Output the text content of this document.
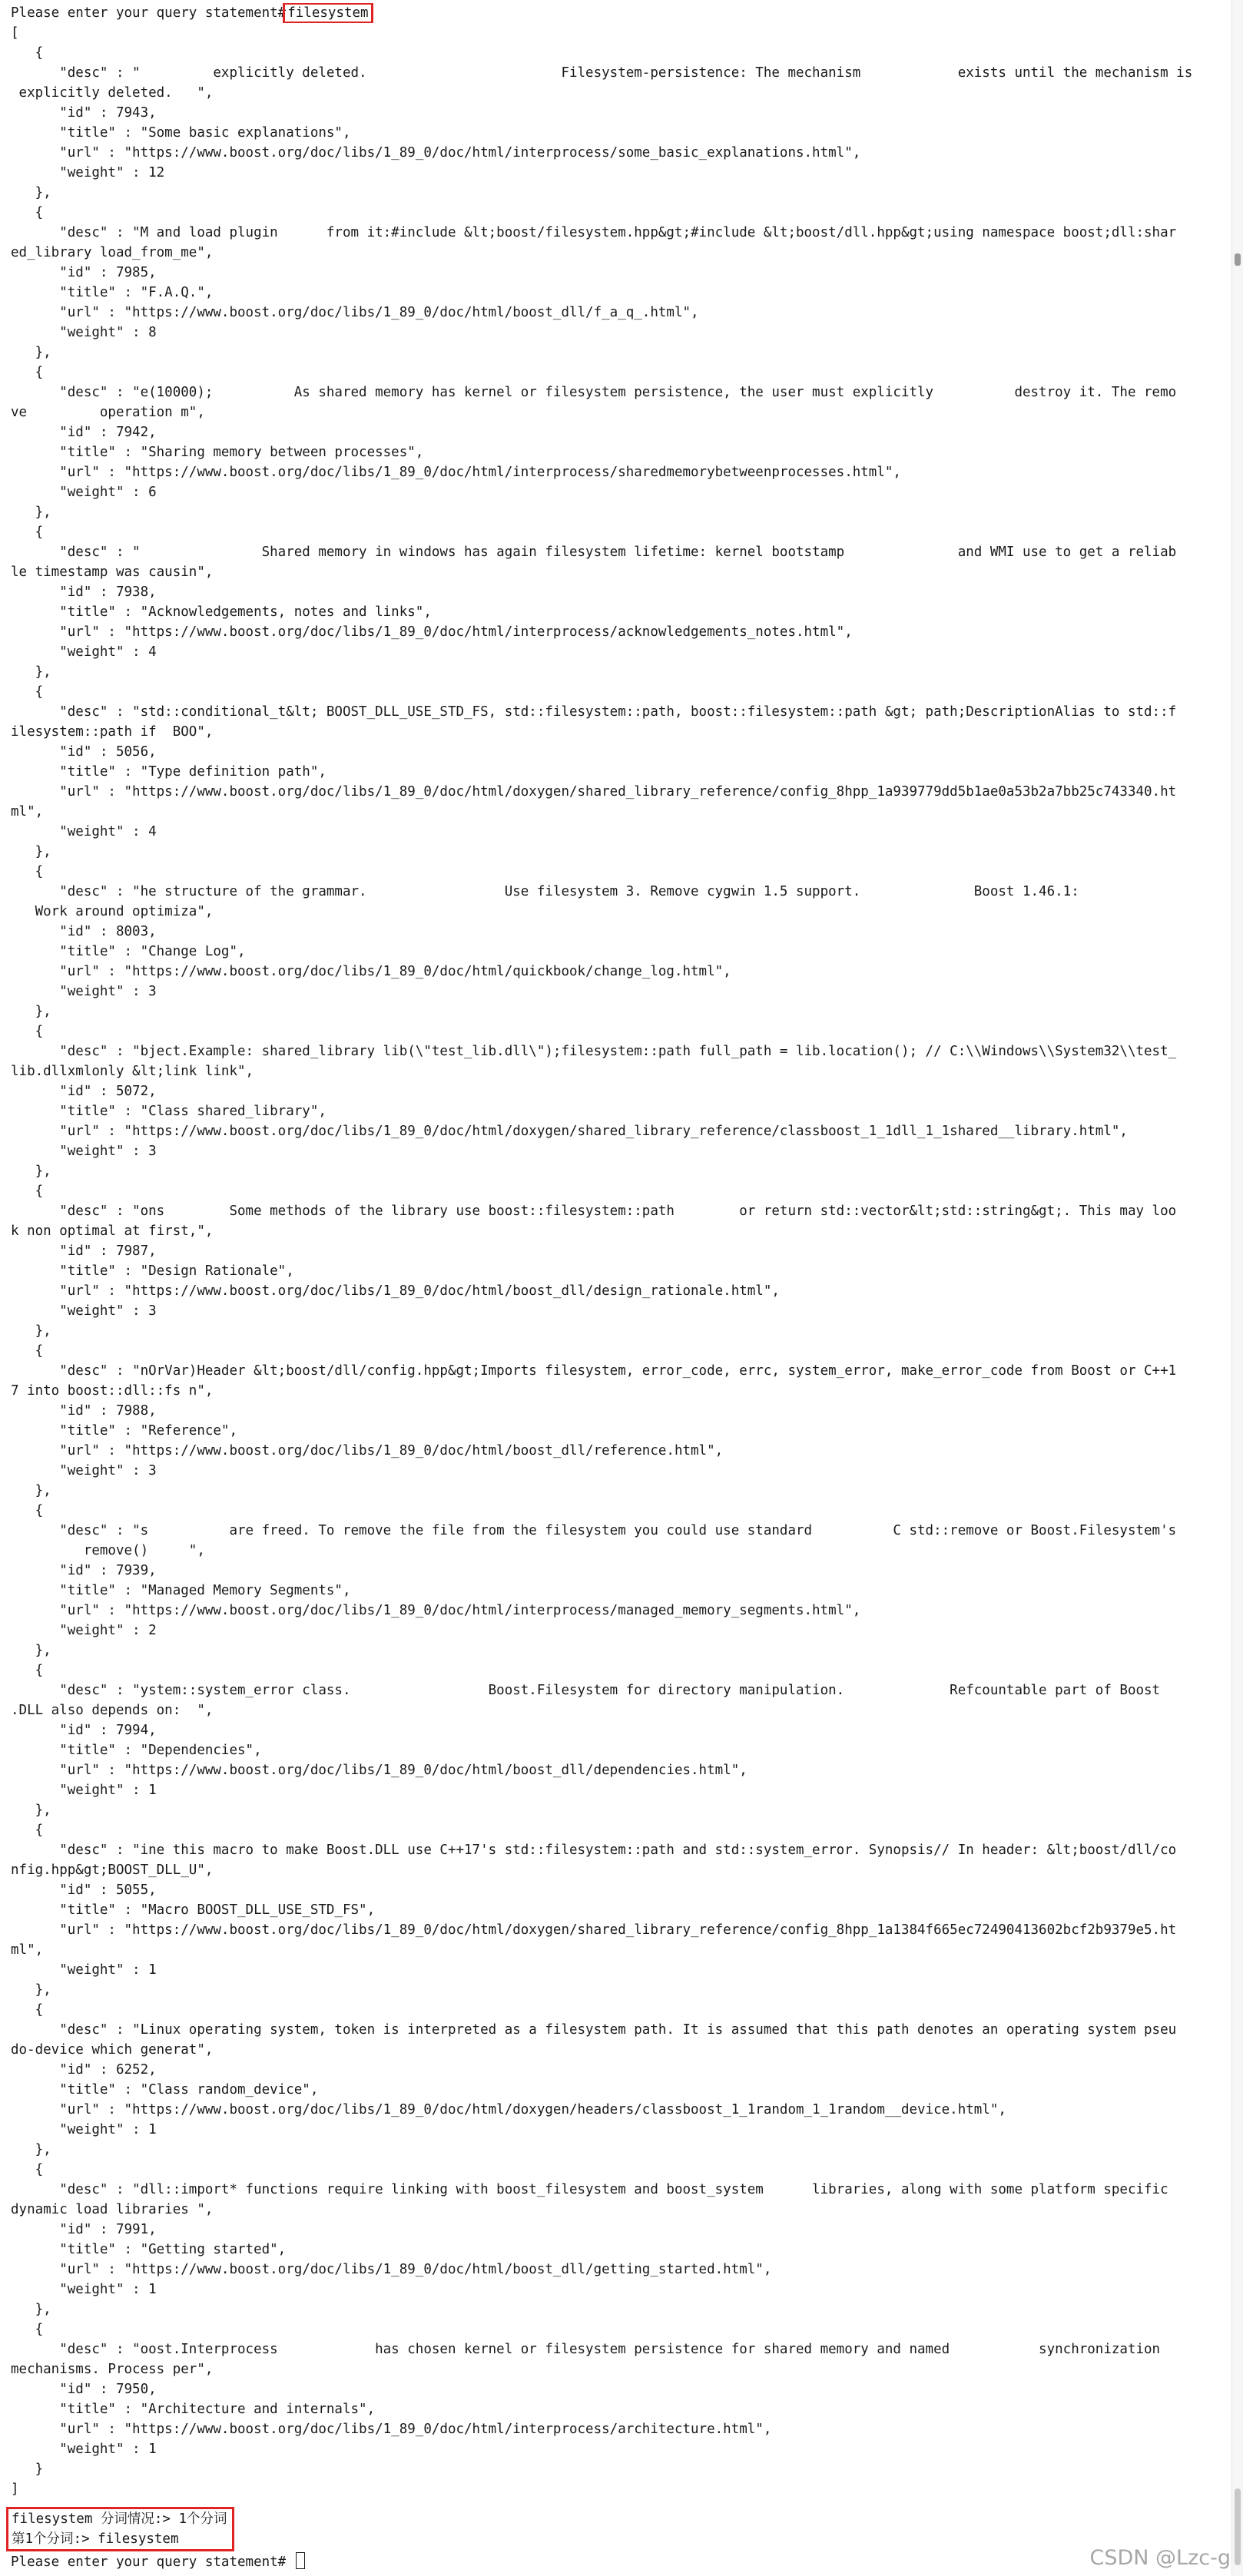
Please enter your query statement# filesystem
[
{
"desc" : "         explicitly deleted.                        Filesystem-persistence: The mechanism            exists until the mechanism is
explicitly deleted.   ",
"id" : 7943,
"title" : "Some basic explanations",
"url" : "https://www.boost.org/doc/libs/1_89_0/doc/html/interprocess/some_basic_explanations.html",
"weight" : 12
},
{
"desc" : "M and load plugin      from it:#include &lt;boost/filesystem.hpp&gt;#include &lt;boost/dll.hpp&gt;using namespace boost;dll:shar
ed_library load_from_me",
"id" : 7985,
"title" : "F.A.Q.",
"url" : "https://www.boost.org/doc/libs/1_89_0/doc/html/boost_dll/f_a_q_.html",
"weight" : 8
},
{
"desc" : "e(10000);          As shared memory has kernel or filesystem persistence, the user must explicitly          destroy it. The remo
ve         operation m",
"id" : 7942,
"title" : "Sharing memory between processes",
"url" : "https://www.boost.org/doc/libs/1_89_0/doc/html/interprocess/sharedmemorybetweenprocesses.html",
"weight" : 6
},
{
"desc" : "               Shared memory in windows has again filesystem lifetime: kernel bootstamp              and WMI use to get a reliab
le timestamp was causin",
"id" : 7938,
"title" : "Acknowledgements, notes and links",
"url" : "https://www.boost.org/doc/libs/1_89_0/doc/html/interprocess/acknowledgements_notes.html",
"weight" : 4
},
{
"desc" : "std::conditional_t&lt; BOOST_DLL_USE_STD_FS, std::filesystem::path, boost::filesystem::path &gt; path;DescriptionAlias to std::f
ilesystem::path if  BOO",
"id" : 5056,
"title" : "Type definition path",
"url" : "https://www.boost.org/doc/libs/1_89_0/doc/html/doxygen/shared_library_reference/config_8hpp_1a939779dd5b1ae0a53b2a7bb25c743340.ht
ml",
"weight" : 4
},
{
"desc" : "he structure of the grammar.                 Use filesystem 3. Remove cygwin 1.5 support.              Boost 1.46.1:
Work around optimiza",
"id" : 8003,
"title" : "Change Log",
"url" : "https://www.boost.org/doc/libs/1_89_0/doc/html/quickbook/change_log.html",
"weight" : 3
},
{
"desc" : "bject.Example: shared_library lib(\"test_lib.dll\");filesystem::path full_path = lib.location(); // C:\\Windows\\System32\\test_
lib.dllxmlonly &lt;link link",
"id" : 5072,
"title" : "Class shared_library",
"url" : "https://www.boost.org/doc/libs/1_89_0/doc/html/doxygen/shared_library_reference/classboost_1_1dll_1_1shared__library.html",
"weight" : 3
},
{
"desc" : "ons        Some methods of the library use boost::filesystem::path        or return std::vector&lt;std::string&gt;. This may loo
k non optimal at first,",
"id" : 7987,
"title" : "Design Rationale",
"url" : "https://www.boost.org/doc/libs/1_89_0/doc/html/boost_dll/design_rationale.html",
"weight" : 3
},
{
"desc" : "nOrVar)Header &lt;boost/dll/config.hpp&gt;Imports filesystem, error_code, errc, system_error, make_error_code from Boost or C++1
7 into boost::dll::fs n",
"id" : 7988,
"title" : "Reference",
"url" : "https://www.boost.org/doc/libs/1_89_0/doc/html/boost_dll/reference.html",
"weight" : 3
},
{
"desc" : "s          are freed. To remove the file from the filesystem you could use standard          C std::remove or Boost.Filesystem's
remove()     ",
"id" : 7939,
"title" : "Managed Memory Segments",
"url" : "https://www.boost.org/doc/libs/1_89_0/doc/html/interprocess/managed_memory_segments.html",
"weight" : 2
},
{
"desc" : "ystem::system_error class.                 Boost.Filesystem for directory manipulation.             Refcountable part of Boost
.DLL also depends on:  ",
"id" : 7994,
"title" : "Dependencies",
"url" : "https://www.boost.org/doc/libs/1_89_0/doc/html/boost_dll/dependencies.html",
"weight" : 1
},
{
"desc" : "ine this macro to make Boost.DLL use C++17's std::filesystem::path and std::system_error. Synopsis// In header: &lt;boost/dll/co
nfig.hpp&gt;BOOST_DLL_U",
"id" : 5055,
"title" : "Macro BOOST_DLL_USE_STD_FS",
"url" : "https://www.boost.org/doc/libs/1_89_0/doc/html/doxygen/shared_library_reference/config_8hpp_1a1384f665ec72490413602bcf2b9379e5.ht
ml",
"weight" : 1
},
{
"desc" : "Linux operating system, token is interpreted as a filesystem path. It is assumed that this path denotes an operating system pseu
do-device which generat",
"id" : 6252,
"title" : "Class random_device",
"url" : "https://www.boost.org/doc/libs/1_89_0/doc/html/doxygen/headers/classboost_1_1random_1_1random__device.html",
"weight" : 1
},
{
"desc" : "dll::import* functions require linking with boost_filesystem and boost_system      libraries, along with some platform specific
dynamic load libraries ",
"id" : 7991,
"title" : "Getting started",
"url" : "https://www.boost.org/doc/libs/1_89_0/doc/html/boost_dll/getting_started.html",
"weight" : 1
},
{
"desc" : "oost.Interprocess            has chosen kernel or filesystem persistence for shared memory and named           synchronization
mechanisms. Process per",
"id" : 7950,
"title" : "Architecture and internals",
"url" : "https://www.boost.org/doc/libs/1_89_0/doc/html/interprocess/architecture.html",
"weight" : 1
}
]
filesystem 分词情况:> 1个分词
第1个分词:> filesystem
Please enter your query statement#	CSDN @Lzc-g
